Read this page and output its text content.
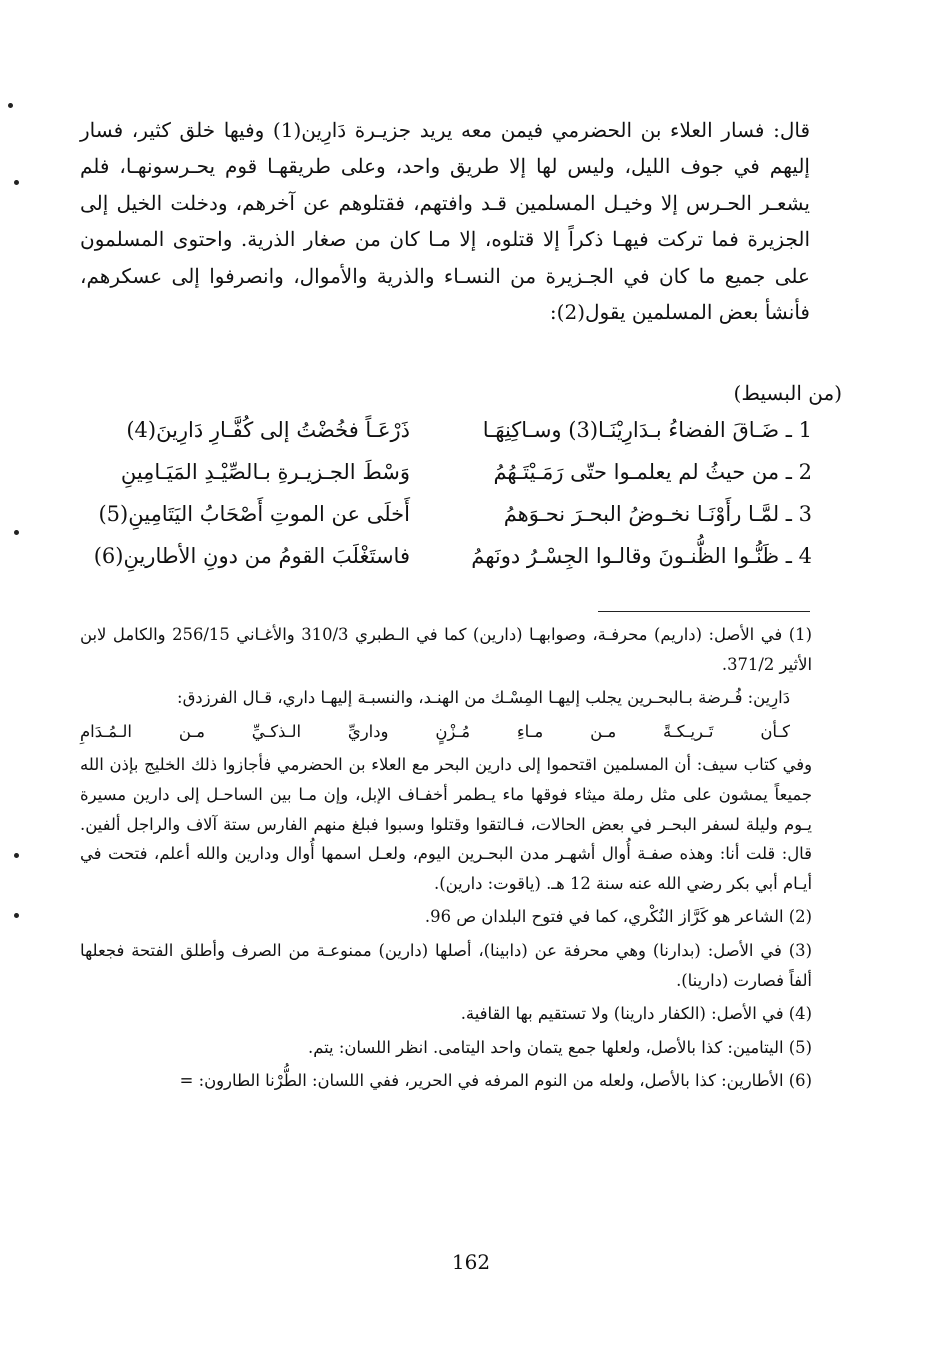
قال: فسار العلاء بن الحضرمي فيمن معه يريد جزيـرة دَارِين(1) وفيها خلق كثير، فسار إليهم في جوف الليل، وليس لها إلا طريق واحد، وعلى طريقهـا قوم يحـرسونهـا، فلم يشعـر الحـرس إلا وخيـل المسلمين قـد وافتهم، فقتلوهم عن آخرهم، ودخلت الخيل إلى الجزيرة فما تركت فيهـا ذكراً إلا قتلوه، إلا مـا كان من صغار الذرية. واحتوى المسلمون على جميع ما كان في الجـزيرة من النسـاء والذرية والأموال، وانصرفوا إلى عسكرهم، فأنشأ بعض المسلمين يقول(2):

(من البسيط)
1 ـ ضَـاقَ الفضاءُ بـدَارِيْنَـا(3) وسـاكِنِهَـا
ذَرْعَـاً فخُضْتُ إلى كُفَّـارِ دَارِينَ(4)
2 ـ من حيثُ لم يعلمـوا حتّى رَمَـيْتَـهُمُ
وَسْطَ الجـزيـرةِ بـالصِّيْـدِ المَيَـامِينِ
3 ـ لمَّـا رأَوْنَـا نخـوضُ البحـرَ نحـوَهمُ
أَخلَى عن الموتِ أَصْحَابُ اليَتَامِينِ(5)
4 ـ ظَنُّـوا الظُّنـونَ وقالـوا الجِسْـرُ دونَهمُ
فاستَغْلَبَ القومُ من دونِ الأطارينِ(6)

(1) في الأصل: (داريم) محرفـة، وصوابهـا (دارين) كما في الـطبري 310/3 والأغـاني 256/15 والكامل لابن الأثير 371/2.

دَارِين: فُـرضة بـالبحـرين يجلب إليهـا المِسْـك من الهنـد، والنسبـة إليهـا داري، قـال الفرزدق:

كـأن تَـريـكـةً مـن مـاءِ مُـزْنٍ وداريِّ الـذكـيِّ مـن الـمُـدَامِ

وفي كتاب سيف: أن المسلمين اقتحموا إلى دارين البحر مع العلاء بن الحضرمي فأجازوا ذلك الخليج بإذن الله جميعاً يمشون على مثل رملة ميثاء فوقها ماء يـطمر أخفـاف الإبل، وإن مـا بين الساحـل إلى دارين مسيرة يـوم وليلة لسفر البحـر في بعض الحالات، فـالتقوا وقتلوا وسبوا فبلغ منهم الفارس ستة آلاف والراجل ألفين. قال: قلت أنا: وهذه صفـة أُوال أشهـر مدن البحـرين اليوم، ولعـل اسمها أُوال ودارين والله أعلم، فتحت في أيـام أبي بكر رضي الله عنه سنة 12 هـ. (ياقوت: دارين).

(2) الشاعر هو كَرَّاز النُكْري، كما في فتوح البلدان ص 96.

(3) في الأصل: (بدارنا) وهي محرفة عن (دابينا)، أصلها (دارين) ممنوعـة من الصرف وأطلق الفتحة فجعلها ألفاً فصارت (دارينا).

(4) في الأصل: (الكفار دارينا) ولا تستقيم بها القافية.

(5) اليتامين: كذا بالأصل، ولعلها جمع يتمان واحد اليتامى. انظر اللسان: يتم.

(6) الأطارين: كذا بالأصل، ولعله من النوم المرفه في الحرير، ففي اللسان: الطُّرْنا الطارون: =

162
